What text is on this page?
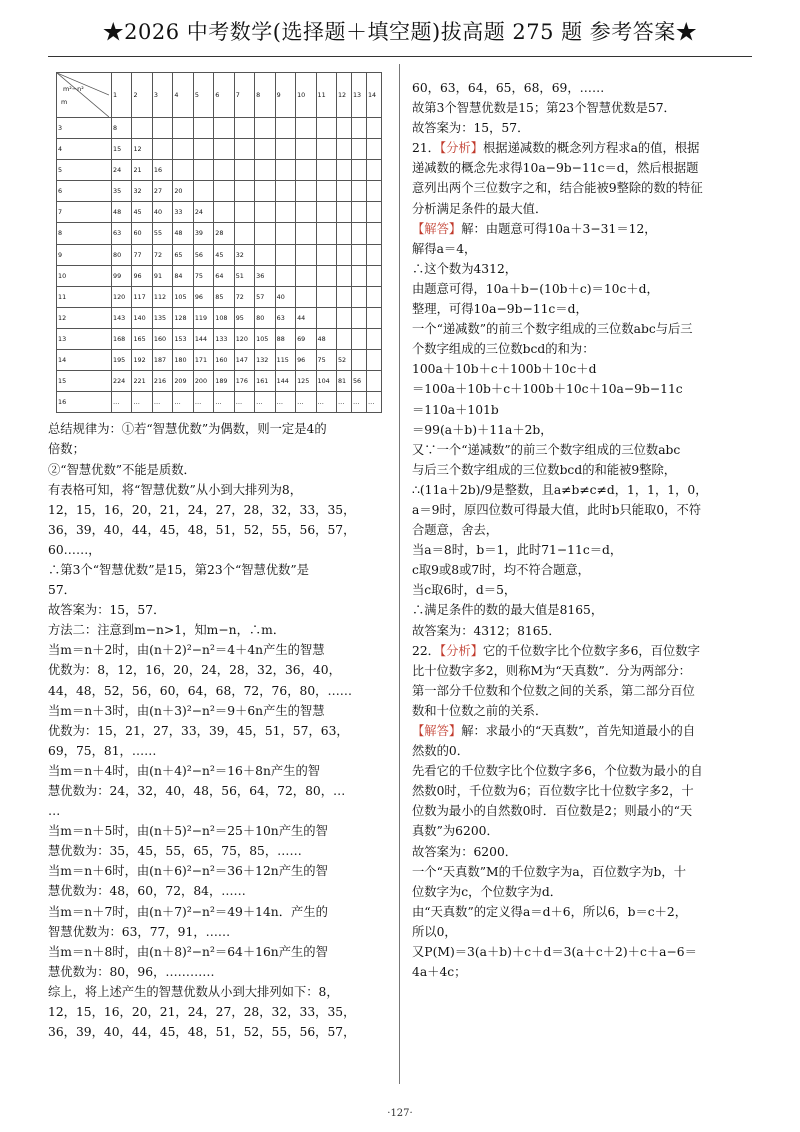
★2026 中考数学(选择题＋填空题)拔高题 275 题 参考答案★
m²−n²
m	1	2	3	4	5	6	7	8	9	10	11	12	13	14
3	8													
4	15	12												
5	24	21	16											
6	35	32	27	20										
7	48	45	40	33	24									
8	63	60	55	48	39	28								
9	80	77	72	65	56	45	32							
10	99	96	91	84	75	64	51	36						
11	120	117	112	105	96	85	72	57	40					
12	143	140	135	128	119	108	95	80	63	44				
13	168	165	160	153	144	133	120	105	88	69	48			
14	195	192	187	180	171	160	147	132	115	96	75	52		
15	224	221	216	209	200	189	176	161	144	125	104	81	56	
16	…	…	…	…	…	…	…	…	…	…	…	…	…	…

总结规律为：①若“智慧优数”为偶数，则一定是4的

倍数；

②“智慧优数”不能是质数．

有表格可知，将“智慧优数”从小到大排列为8，

12，15，16，20，21，24，27，28，32，33，35，

36，39，40，44，45，48，51，52，55，56，57，

60……，

∴第3个“智慧优数”是15，第23个“智慧优数”是

57．

故答案为：15，57．

方法二：注意到m−n>1，知m−n，∴m．

当m＝n＋2时，由(n＋2)²−n²＝4＋4n产生的智慧

优数为：8，12，16，20，24，28，32，36，40，

44，48，52，56，60，64，68，72，76，80，……

当m＝n＋3时，由(n＋3)²−n²＝9＋6n产生的智慧

优数为：15，21，27，33，39，45，51，57，63，

69，75，81，……

当m＝n＋4时，由(n＋4)²−n²＝16＋8n产生的智

慧优数为：24，32，40，48，56，64，72，80，…

…

当m＝n＋5时，由(n＋5)²−n²＝25＋10n产生的智

慧优数为：35，45，55，65，75，85，……

当m＝n＋6时，由(n＋6)²−n²＝36＋12n产生的智

慧优数为：48，60，72，84，……

当m＝n＋7时，由(n＋7)²−n²＝49＋14n．产生的

智慧优数为：63，77，91，……

当m＝n＋8时，由(n＋8)²−n²＝64＋16n产生的智

慧优数为：80，96，…………

综上，将上述产生的智慧优数从小到大排列如下：8，

12，15，16，20，21，24，27，28，32，33，35，

36，39，40，44，45，48，51，52，55，56，57，

60，63，64，65，68，69，……

故第3个智慧优数是15；第23个智慧优数是57．

故答案为：15，57．

21．【分析】根据递减数的概念列方程求a的值，根据

递减数的概念先求得10a−9b−11c＝d，然后根据题

意列出两个三位数字之和，结合能被9整除的数的特征

分析满足条件的最大值．

【解答】解：由题意可得10a＋3−31＝12，

解得a＝4，

∴这个数为4312，

由题意可得，10a＋b−(10b＋c)＝10c＋d，

整理，可得10a−9b−11c＝d，

一个“递减数”的前三个数字组成的三位数abc与后三

个数字组成的三位数bcd的和为：

100a＋10b＋c＋100b＋10c＋d

＝100a＋10b＋c＋100b＋10c＋10a−9b−11c

＝110a＋101b

＝99(a＋b)＋11a＋2b，

又∵一个“递减数”的前三个数字组成的三位数abc

与后三个数字组成的三位数bcd的和能被9整除，

∴(11a＋2b)/9是整数，且a≠b≠c≠d，1，1，1，0，

a＝9时，原四位数可得最大值，此时b只能取0，不符

合题意，舍去，

当a＝8时，b＝1，此时71−11c＝d，

c取9或8或7时，均不符合题意，

当c取6时，d＝5，

∴满足条件的数的最大值是8165，

故答案为：4312；8165．

22．【分析】它的千位数字比个位数字多6，百位数字

比十位数字多2，则称M为“天真数”．分为两部分：

第一部分千位数和个位数之间的关系，第二部分百位

数和十位数之前的关系．

【解答】解：求最小的“天真数”，首先知道最小的自

然数的0．

先看它的千位数字比个位数字多6，个位数为最小的自

然数0时，千位数为6；百位数字比十位数字多2，十

位数为最小的自然数0时．百位数是2；则最小的“天

真数”为6200．

故答案为：6200．

一个“天真数”M的千位数字为a，百位数字为b，十

位数字为c，个位数字为d．

由“天真数”的定义得a＝d＋6，所以6，b＝c＋2，

所以0，

又P(M)＝3(a＋b)＋c＋d＝3(a＋c＋2)＋c＋a−6＝

4a＋4c；

·127·
